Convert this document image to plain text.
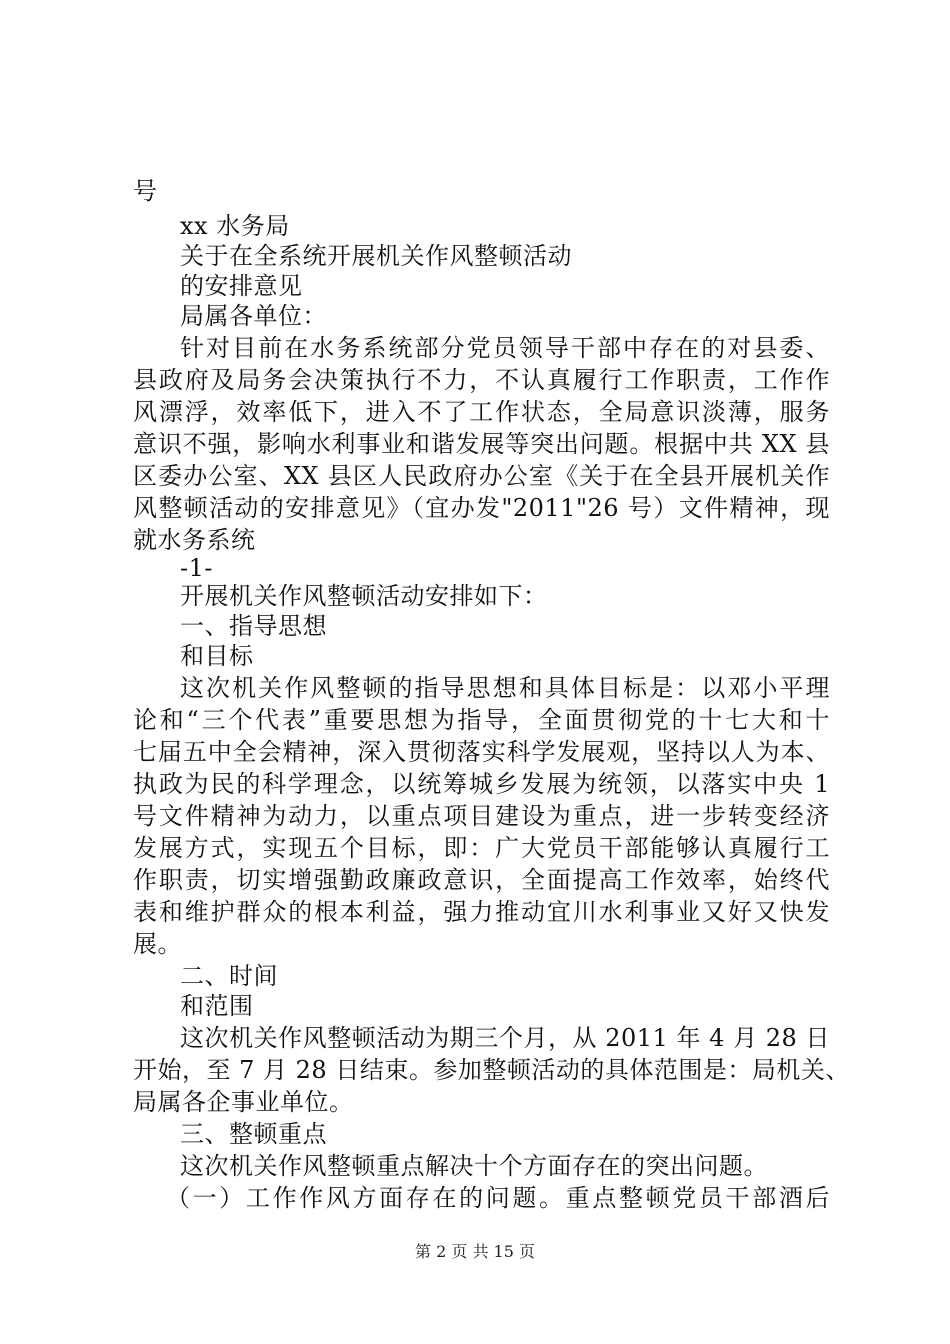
号
xx 水务局
关于在全系统开展机关作风整顿活动
的安排意见
局属各单位：
针对目前在水务系统部分党员领导干部中存在的对县委、
县政府及局务会决策执行不力，不认真履行工作职责，工作作
风漂浮，效率低下，进入不了工作状态，全局意识淡薄，服务
意识不强，影响水利事业和谐发展等突出问题。根据中共 XX 县
区委办公室、XX 县区人民政府办公室《关于在全县开展机关作
风整顿活动的安排意见》（宜办发"2011"26 号）文件精神，现
就水务系统
-1-
开展机关作风整顿活动安排如下：
一、指导思想
和目标
这次机关作风整顿的指导思想和具体目标是：以邓小平理
论和“三个代表”重要思想为指导，全面贯彻党的十七大和十
七届五中全会精神，深入贯彻落实科学发展观，坚持以人为本、
执政为民的科学理念，以统筹城乡发展为统领，以落实中央 1
号文件精神为动力，以重点项目建设为重点，进一步转变经济
发展方式，实现五个目标，即：广大党员干部能够认真履行工
作职责，切实增强勤政廉政意识，全面提高工作效率，始终代
表和维护群众的根本利益，强力推动宜川水利事业又好又快发
展。
二、时间
和范围
这次机关作风整顿活动为期三个月，从 2011 年 4 月 28 日
开始，至 7 月 28 日结束。参加整顿活动的具体范围是：局机关、
局属各企事业单位。
三、整顿重点
这次机关作风整顿重点解决十个方面存在的突出问题。
（一）工作作风方面存在的问题。重点整顿党员干部酒后
第 2 页 共 15 页
